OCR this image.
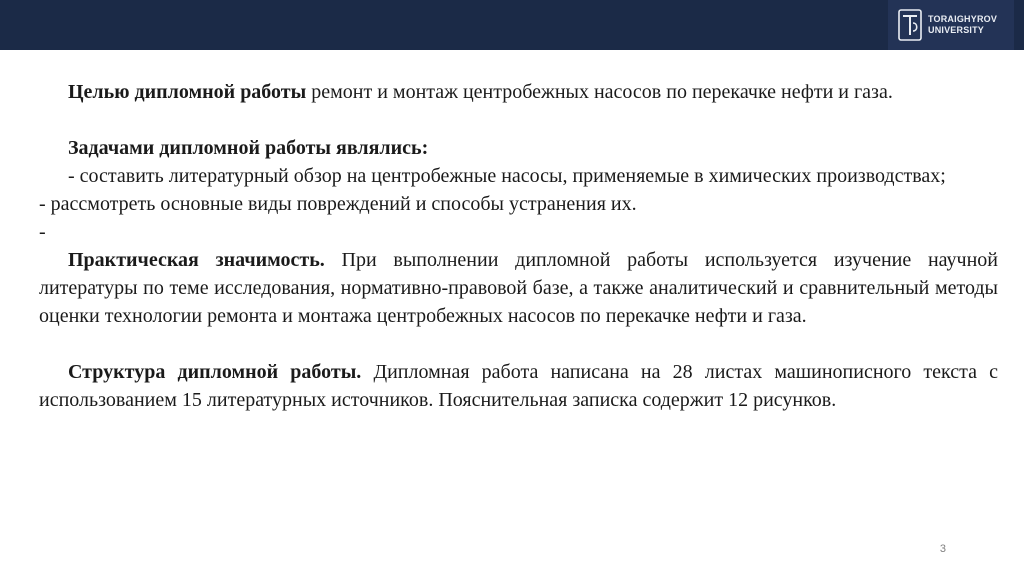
TORAIGHYROV
UNIVERSITY

Целью дипломной работы ремонт и монтаж центробежных насосов по перекачке нефти и газа.

Задачами дипломной работы являлись:

- составить литературный обзор на центробежные насосы, применяемые в химических производствах;

- рассмотреть основные виды повреждений и способы устранения их.

-

Практическая значимость. При выполнении дипломной работы используется изучение научной литературы по теме исследования, нормативно-правовой базе, а также аналитический и сравнительный методы оценки технологии ремонта и монтажа центробежных насосов по перекачке нефти и газа.

Структура дипломной работы. Дипломная работа написана на 28 листах машинописного текста с использованием 15 литературных источников. Пояснительная записка содержит 12 рисунков.

3
